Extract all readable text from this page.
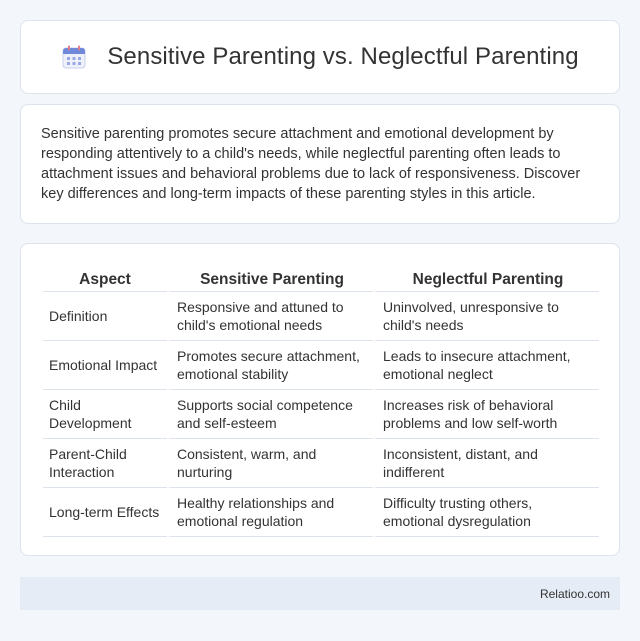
Sensitive Parenting vs. Neglectful Parenting

Sensitive parenting promotes secure attachment and emotional development by responding attentively to a child's needs, while neglectful parenting often leads to attachment issues and behavioral problems due to lack of responsiveness. Discover key differences and long-term impacts of these parenting styles in this article.

Aspect	Sensitive Parenting	Neglectful Parenting
Definition	Responsive and attuned to child's emotional needs	Uninvolved, unresponsive to child's needs
Emotional Impact	Promotes secure attachment, emotional stability	Leads to insecure attachment, emotional neglect
Child Development	Supports social competence and self-esteem	Increases risk of behavioral problems and low self-worth
Parent-Child Interaction	Consistent, warm, and nurturing	Inconsistent, distant, and indifferent
Long-term Effects	Healthy relationships and emotional regulation	Difficulty trusting others, emotional dysregulation
Relatioo.com
